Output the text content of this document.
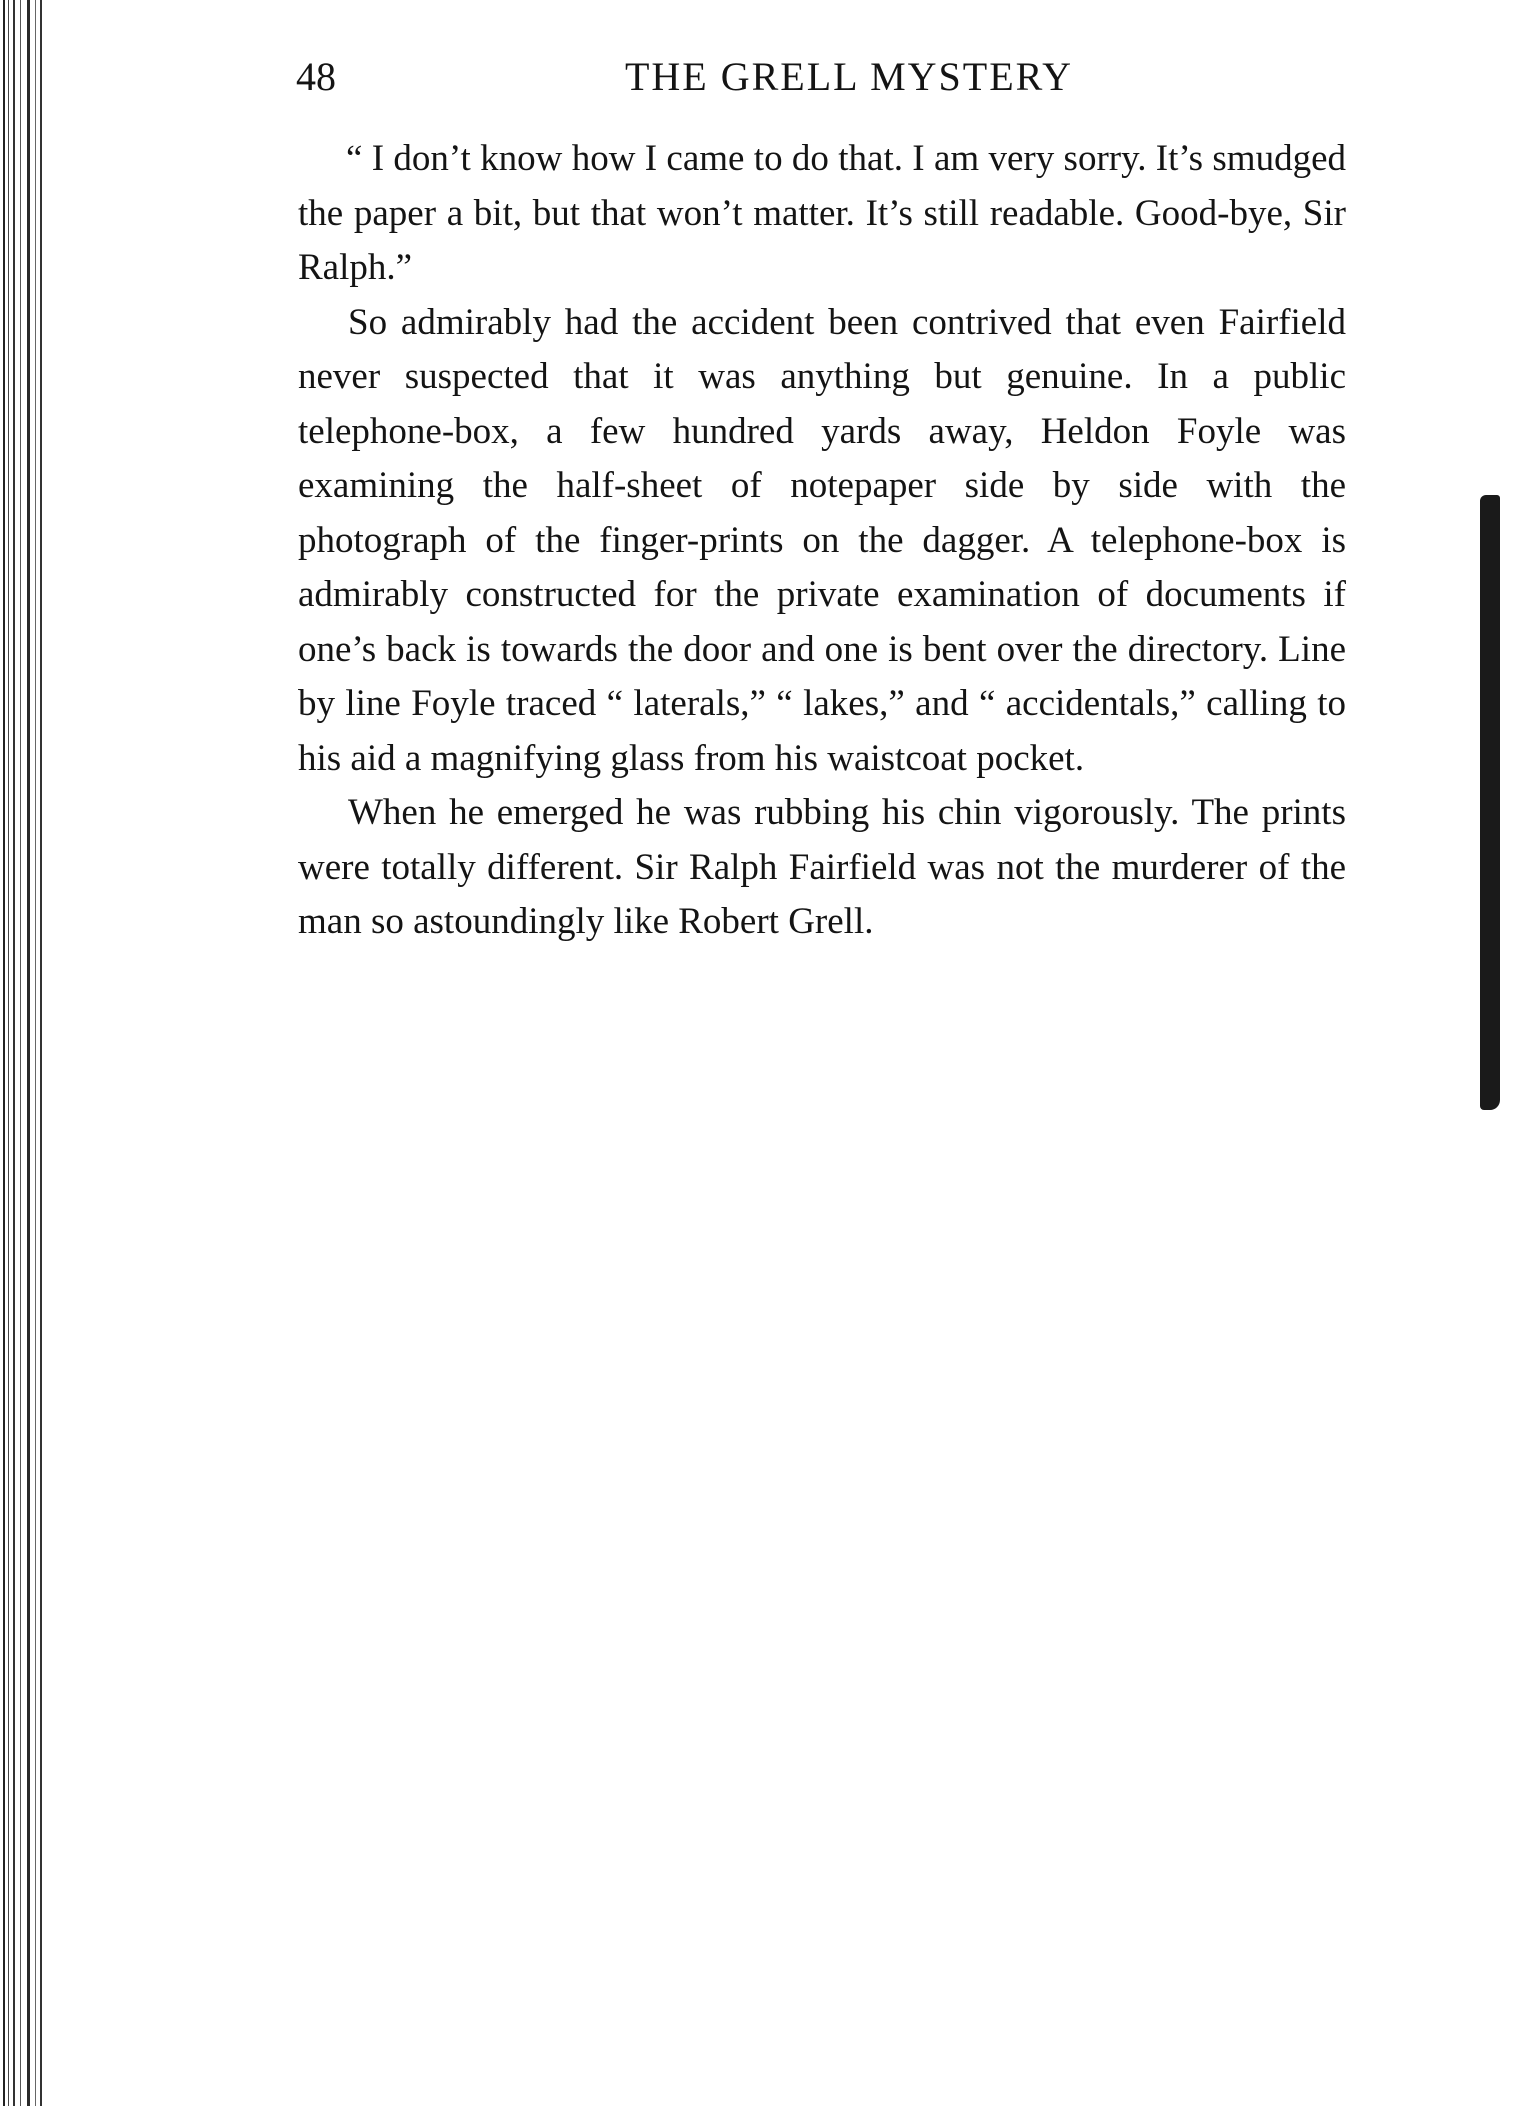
48	THE GRELL MYSTERY

“ I don’t know how I came to do that. I am very sorry. It’s smudged the paper a bit, but that won’t matter. It’s still readable. Good-bye, Sir Ralph.”

So admirably had the accident been contrived that even Fairfield never suspected that it was anything but genuine. In a public telephone-box, a few hundred yards away, Heldon Foyle was examining the half-sheet of notepaper side by side with the photograph of the finger-prints on the dagger. A telephone-box is admirably constructed for the private examination of documents if one’s back is towards the door and one is bent over the directory. Line by line Foyle traced “ laterals,” “ lakes,” and “ accidentals,” calling to his aid a magnifying glass from his waistcoat pocket.

When he emerged he was rubbing his chin vigorously. The prints were totally different. Sir Ralph Fairfield was not the murderer of the man so astoundingly like Robert Grell.
